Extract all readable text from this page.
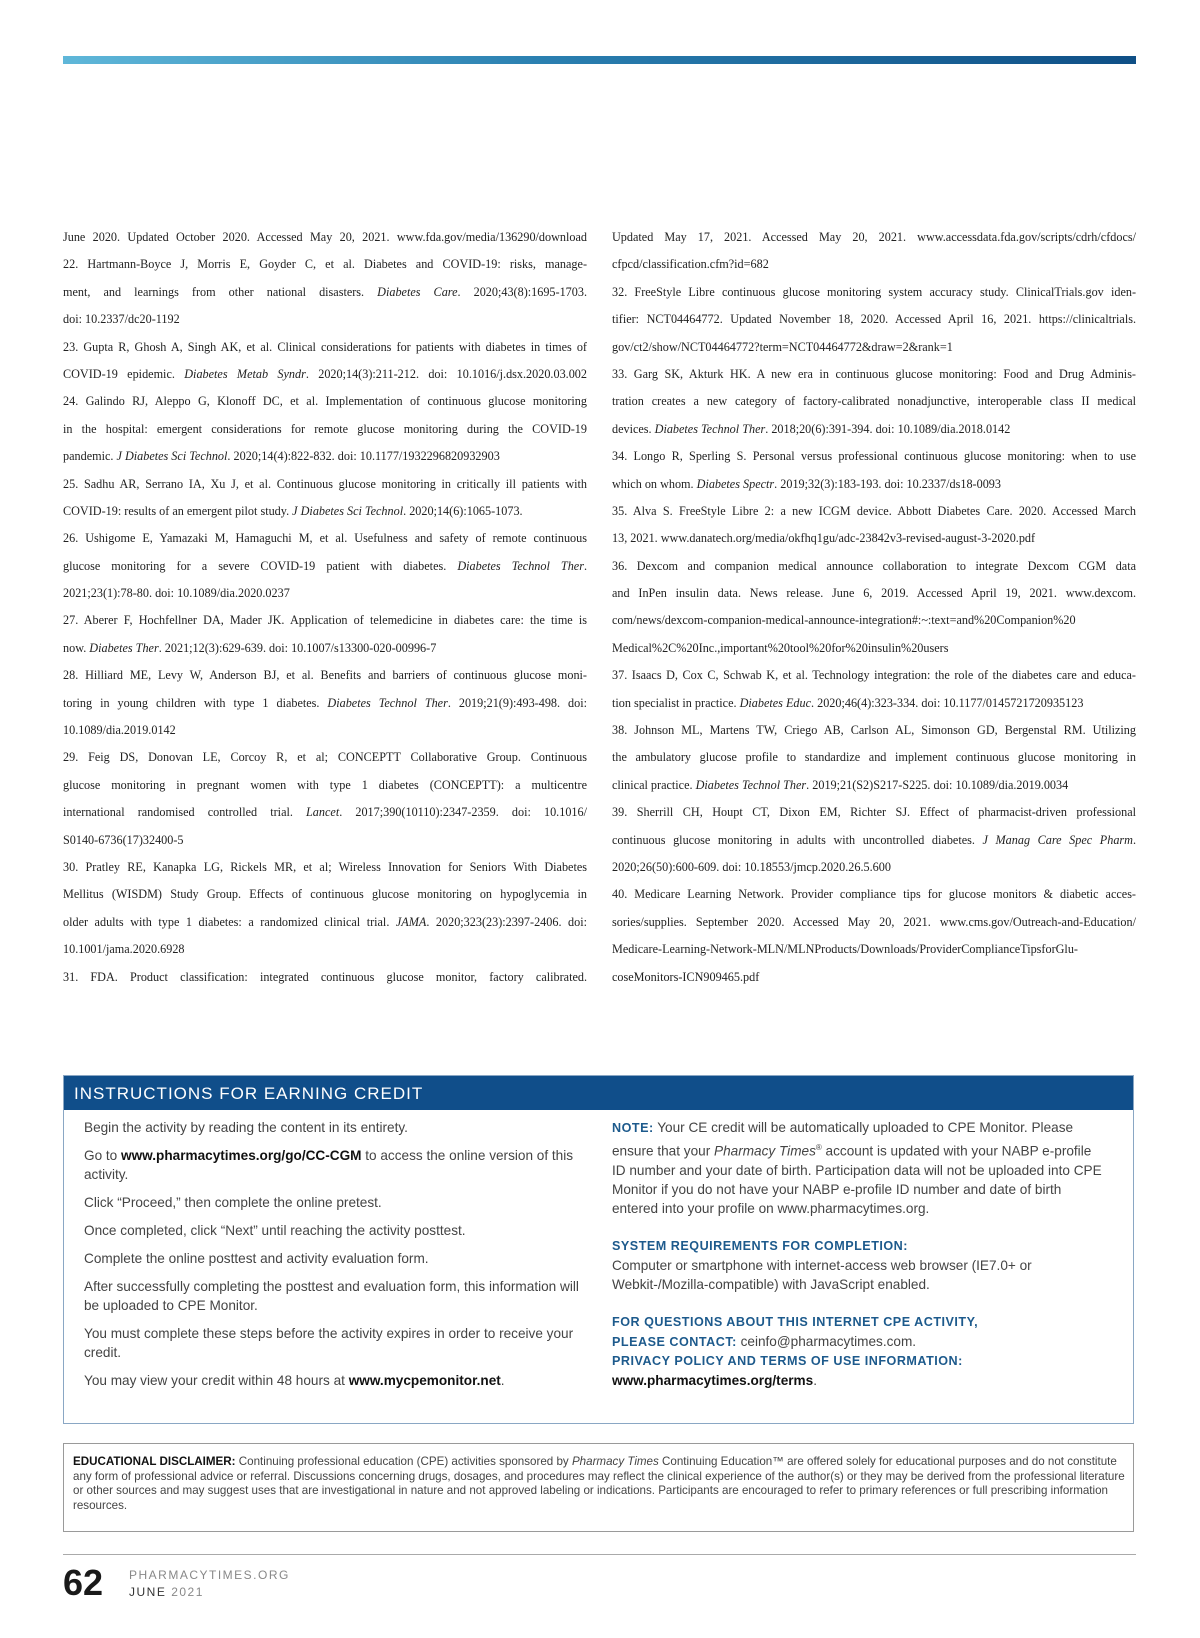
June 2020. Updated October 2020. Accessed May 20, 2021. www.fda.gov/media/136290/download
22. Hartmann-Boyce J, Morris E, Goyder C, et al. Diabetes and COVID-19: risks, manage-
ment, and learnings from other national disasters. Diabetes Care. 2020;43(8):1695-1703.
doi: 10.2337/dc20-1192
23. Gupta R, Ghosh A, Singh AK, et al. Clinical considerations for patients with diabetes in times of
COVID-19 epidemic. Diabetes Metab Syndr. 2020;14(3):211-212. doi: 10.1016/j.dsx.2020.03.002
24. Galindo RJ, Aleppo G, Klonoff DC, et al. Implementation of continuous glucose monitoring
in the hospital: emergent considerations for remote glucose monitoring during the COVID-19
pandemic. J Diabetes Sci Technol. 2020;14(4):822-832. doi: 10.1177/1932296820932903
25. Sadhu AR, Serrano IA, Xu J, et al. Continuous glucose monitoring in critically ill patients with
COVID-19: results of an emergent pilot study. J Diabetes Sci Technol. 2020;14(6):1065-1073.
26. Ushigome E, Yamazaki M, Hamaguchi M, et al. Usefulness and safety of remote continuous
glucose monitoring for a severe COVID-19 patient with diabetes. Diabetes Technol Ther.
2021;23(1):78-80. doi: 10.1089/dia.2020.0237
27. Aberer F, Hochfellner DA, Mader JK. Application of telemedicine in diabetes care: the time is
now. Diabetes Ther. 2021;12(3):629-639. doi: 10.1007/s13300-020-00996-7
28. Hilliard ME, Levy W, Anderson BJ, et al. Benefits and barriers of continuous glucose moni-
toring in young children with type 1 diabetes. Diabetes Technol Ther. 2019;21(9):493-498. doi:
10.1089/dia.2019.0142
29. Feig DS, Donovan LE, Corcoy R, et al; CONCEPTT Collaborative Group. Continuous
glucose monitoring in pregnant women with type 1 diabetes (CONCEPTT): a multicentre
international randomised controlled trial. Lancet. 2017;390(10110):2347-2359. doi: 10.1016/
S0140-6736(17)32400-5
30. Pratley RE, Kanapka LG, Rickels MR, et al; Wireless Innovation for Seniors With Diabetes
Mellitus (WISDM) Study Group. Effects of continuous glucose monitoring on hypoglycemia in
older adults with type 1 diabetes: a randomized clinical trial. JAMA. 2020;323(23):2397-2406. doi:
10.1001/jama.2020.6928
31. FDA. Product classification: integrated continuous glucose monitor, factory calibrated.
Updated May 17, 2021. Accessed May 20, 2021. www.accessdata.fda.gov/scripts/cdrh/cfdocs/
cfpcd/classification.cfm?id=682
32. FreeStyle Libre continuous glucose monitoring system accuracy study. ClinicalTrials.gov iden-
tifier: NCT04464772. Updated November 18, 2020. Accessed April 16, 2021. https://clinicaltrials.
gov/ct2/show/NCT04464772?term=NCT04464772&draw=2&rank=1
33. Garg SK, Akturk HK. A new era in continuous glucose monitoring: Food and Drug Adminis-
tration creates a new category of factory-calibrated nonadjunctive, interoperable class II medical
devices. Diabetes Technol Ther. 2018;20(6):391-394. doi: 10.1089/dia.2018.0142
34. Longo R, Sperling S. Personal versus professional continuous glucose monitoring: when to use
which on whom. Diabetes Spectr. 2019;32(3):183-193. doi: 10.2337/ds18-0093
35. Alva S. FreeStyle Libre 2: a new ICGM device. Abbott Diabetes Care. 2020. Accessed March
13, 2021. www.danatech.org/media/okfhq1gu/adc-23842v3-revised-august-3-2020.pdf
36. Dexcom and companion medical announce collaboration to integrate Dexcom CGM data
and InPen insulin data. News release. June 6, 2019. Accessed April 19, 2021. www.dexcom.
com/news/dexcom-companion-medical-announce-integration#:~:text=and%20Companion%20
Medical%2C%20Inc.,important%20tool%20for%20insulin%20users
37. Isaacs D, Cox C, Schwab K, et al. Technology integration: the role of the diabetes care and educa-
tion specialist in practice. Diabetes Educ. 2020;46(4):323-334. doi: 10.1177/0145721720935123
38. Johnson ML, Martens TW, Criego AB, Carlson AL, Simonson GD, Bergenstal RM. Utilizing
the ambulatory glucose profile to standardize and implement continuous glucose monitoring in
clinical practice. Diabetes Technol Ther. 2019;21(S2)S217-S225. doi: 10.1089/dia.2019.0034
39. Sherrill CH, Houpt CT, Dixon EM, Richter SJ. Effect of pharmacist-driven professional
continuous glucose monitoring in adults with uncontrolled diabetes. J Manag Care Spec Pharm.
2020;26(50):600-609. doi: 10.18553/jmcp.2020.26.5.600
40. Medicare Learning Network. Provider compliance tips for glucose monitors & diabetic acces-
sories/supplies. September 2020. Accessed May 20, 2021. www.cms.gov/Outreach-and-Education/
Medicare-Learning-Network-MLN/MLNProducts/Downloads/ProviderComplianceTipsforGlu-
coseMonitors-ICN909465.pdf
INSTRUCTIONS FOR EARNING CREDIT

Begin the activity by reading the content in its entirety.

Go to www.pharmacytimes.org/go/CC-CGM to access the online version of this activity.

Click “Proceed,” then complete the online pretest.

Once completed, click “Next” until reaching the activity posttest.

Complete the online posttest and activity evaluation form.

After successfully completing the posttest and evaluation form, this information will be uploaded to CPE Monitor.

You must complete these steps before the activity expires in order to receive your credit.

You may view your credit within 48 hours at www.mycpemonitor.net.

NOTE: Your CE credit will be automatically uploaded to CPE Monitor. Please ensure that your Pharmacy Times® account is updated with your NABP e-profile ID number and your date of birth. Participation data will not be uploaded into CPE Monitor if you do not have your NABP e-profile ID number and date of birth entered into your profile on www.pharmacytimes.org.

SYSTEM REQUIREMENTS FOR COMPLETION:

Computer or smartphone with internet-access web browser (IE7.0+ or Webkit-/Mozilla-compatible) with JavaScript enabled.

FOR QUESTIONS ABOUT THIS INTERNET CPE ACTIVITY,

PLEASE CONTACT: ceinfo@pharmacytimes.com.

PRIVACY POLICY AND TERMS OF USE INFORMATION:

www.pharmacytimes.org/terms.

EDUCATIONAL DISCLAIMER: Continuing professional education (CPE) activities sponsored by Pharmacy Times Continuing Education™ are offered solely for educational purposes and do not constitute any form of professional advice or referral. Discussions concerning drugs, dosages, and procedures may reflect the clinical experience of the author(s) or they may be derived from the professional literature or other sources and may suggest uses that are investigational in nature and not approved labeling or indications. Participants are encouraged to refer to primary references or full prescribing information resources.
62 PHARMACYTIMES.ORG
JUNE 2021
